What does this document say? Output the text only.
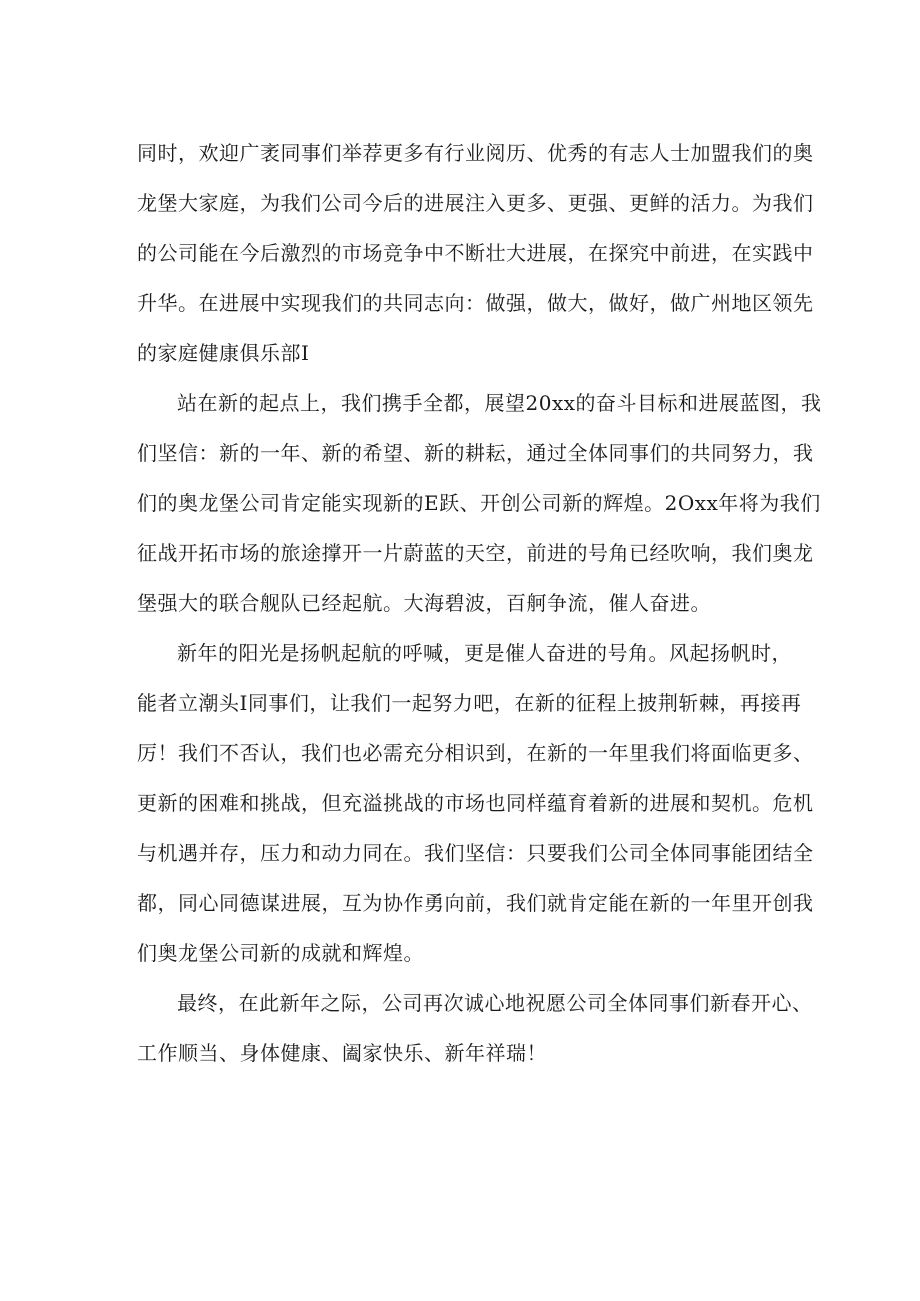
同时，欢迎广袤同事们举荐更多有行业阅历、优秀的有志人士加盟我们的奥
龙堡大家庭，为我们公司今后的进展注入更多、更强、更鲜的活力。为我们
的公司能在今后激烈的市场竞争中不断壮大进展，在探究中前进，在实践中
升华。在进展中实现我们的共同志向：做强，做大，做好，做广州地区领先
的家庭健康俱乐部I
站在新的起点上，我们携手全都，展望20xx的奋斗目标和进展蓝图，我
们坚信：新的一年、新的希望、新的耕耘，通过全体同事们的共同努力，我
们的奥龙堡公司肯定能实现新的E跃、开创公司新的辉煌。2Oxx年将为我们
征战开拓市场的旅途撑开一片蔚蓝的天空，前进的号角已经吹响，我们奥龙
堡强大的联合舰队已经起航。大海碧波，百舸争流，催人奋进。
新年的阳光是扬帆起航的呼喊，更是催人奋进的号角。风起扬帆时，
能者立潮头I同事们，让我们一起努力吧，在新的征程上披荆斩棘，再接再
厉！我们不否认，我们也必需充分相识到，在新的一年里我们将面临更多、
更新的困难和挑战，但充溢挑战的市场也同样蕴育着新的进展和契机。危机
与机遇并存，压力和动力同在。我们坚信：只要我们公司全体同事能团结全
都，同心同德谋进展，互为协作勇向前，我们就肯定能在新的一年里开创我
们奥龙堡公司新的成就和辉煌。
最终，在此新年之际，公司再次诚心地祝愿公司全体同事们新春开心、
工作顺当、身体健康、阖家快乐、新年祥瑞！
